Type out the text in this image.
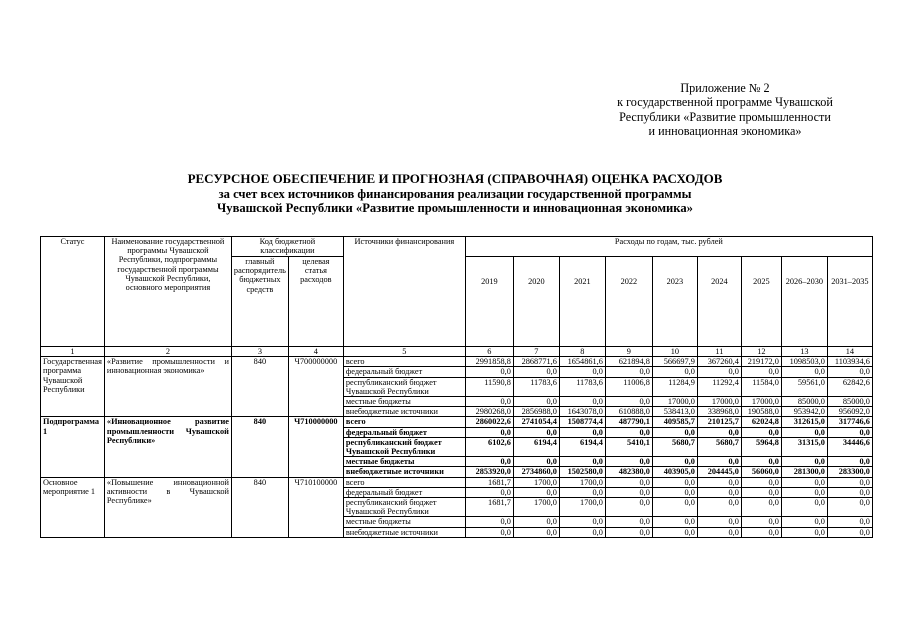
Приложение № 2
к государственной программе Чувашской
Республики «Развитие промышленности
и инновационная экономика»
РЕСУРСНОЕ ОБЕСПЕЧЕНИЕ И ПРОГНОЗНАЯ (СПРАВОЧНАЯ) ОЦЕНКА РАСХОДОВ
за счет всех источников финансирования реализации государственной программы
Чувашской Республики «Развитие промышленности и инновационная экономика»
Статус	Наименование государственной программы Чувашской Республики, подпрограммы государственной программы Чувашской Республики, основного мероприятия	Код бюджетной классификации		Источники финансирования	Расходы по годам, тыс. рублей								
		главный распорядитель бюджетных средств	целевая статья расходов		2019	2020	2021	2022	2023	2024	2025	2026–2030	2031–2035
1	2	3	4	5	6	7	8	9	10	11	12	13	14
Государственная программа Чувашской Республики	«Развитие промышленности и инновационная экономика»	840	Ч700000000	всего	2991858,8	2868771,6	1654861,6	621894,8	566697,9	367260,4	219172,0	1098503,0	1103934,6
				федеральный бюджет	0,0	0,0	0,0	0,0	0,0	0,0	0,0	0,0	0,0
				республиканский бюджет Чувашской Республики	11590,8	11783,6	11783,6	11006,8	11284,9	11292,4	11584,0	59561,0	62842,6
				местные бюджеты	0,0	0,0	0,0	0,0	17000,0	17000,0	17000,0	85000,0	85000,0
				внебюджетные источники	2980268,0	2856988,0	1643078,0	610888,0	538413,0	338968,0	190588,0	953942,0	956092,0
Подпрограмма 1	«Инновационное развитие промышленности Чувашской Республики»	840	Ч710000000	всего	2860022,6	2741054,4	1508774,4	487790,1	409585,7	210125,7	62024,8	312615,0	317746,6
				федеральный бюджет	0,0	0,0	0,0	0,0	0,0	0,0	0,0	0,0	0,0
				республиканский бюджет Чувашской Республики	6102,6	6194,4	6194,4	5410,1	5680,7	5680,7	5964,8	31315,0	34446,6
				местные бюджеты	0,0	0,0	0,0	0,0	0,0	0,0	0,0	0,0	0,0
				внебюджетные источники	2853920,0	2734860,0	1502580,0	482380,0	403905,0	204445,0	56060,0	281300,0	283300,0
Основное мероприятие 1	«Повышение инновационной активности в Чувашской Республике»	840	Ч710100000	всего	1681,7	1700,0	1700,0	0,0	0,0	0,0	0,0	0,0	0,0
				федеральный бюджет	0,0	0,0	0,0	0,0	0,0	0,0	0,0	0,0	0,0
				республиканский бюджет Чувашской Республики	1681,7	1700,0	1700,0	0,0	0,0	0,0	0,0	0,0	0,0
				местные бюджеты	0,0	0,0	0,0	0,0	0,0	0,0	0,0	0,0	0,0
				внебюджетные источники	0,0	0,0	0,0	0,0	0,0	0,0	0,0	0,0	0,0
